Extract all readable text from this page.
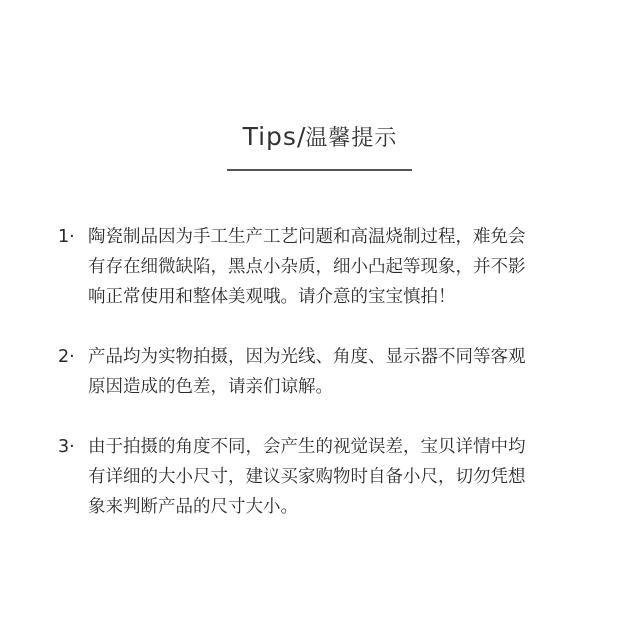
Tips/温馨提示
1· 陶瓷制品因为手工生产工艺问题和高温烧制过程，难免会
有存在细微缺陷，黑点小杂质，细小凸起等现象，并不影
响正常使用和整体美观哦。请介意的宝宝慎拍！
2· 产品均为实物拍摄，因为光线、角度、显示器不同等客观
原因造成的色差，请亲们谅解。
3· 由于拍摄的角度不同，会产生的视觉误差，宝贝详情中均
有详细的大小尺寸，建议买家购物时自备小尺，切勿凭想
象来判断产品的尺寸大小。
